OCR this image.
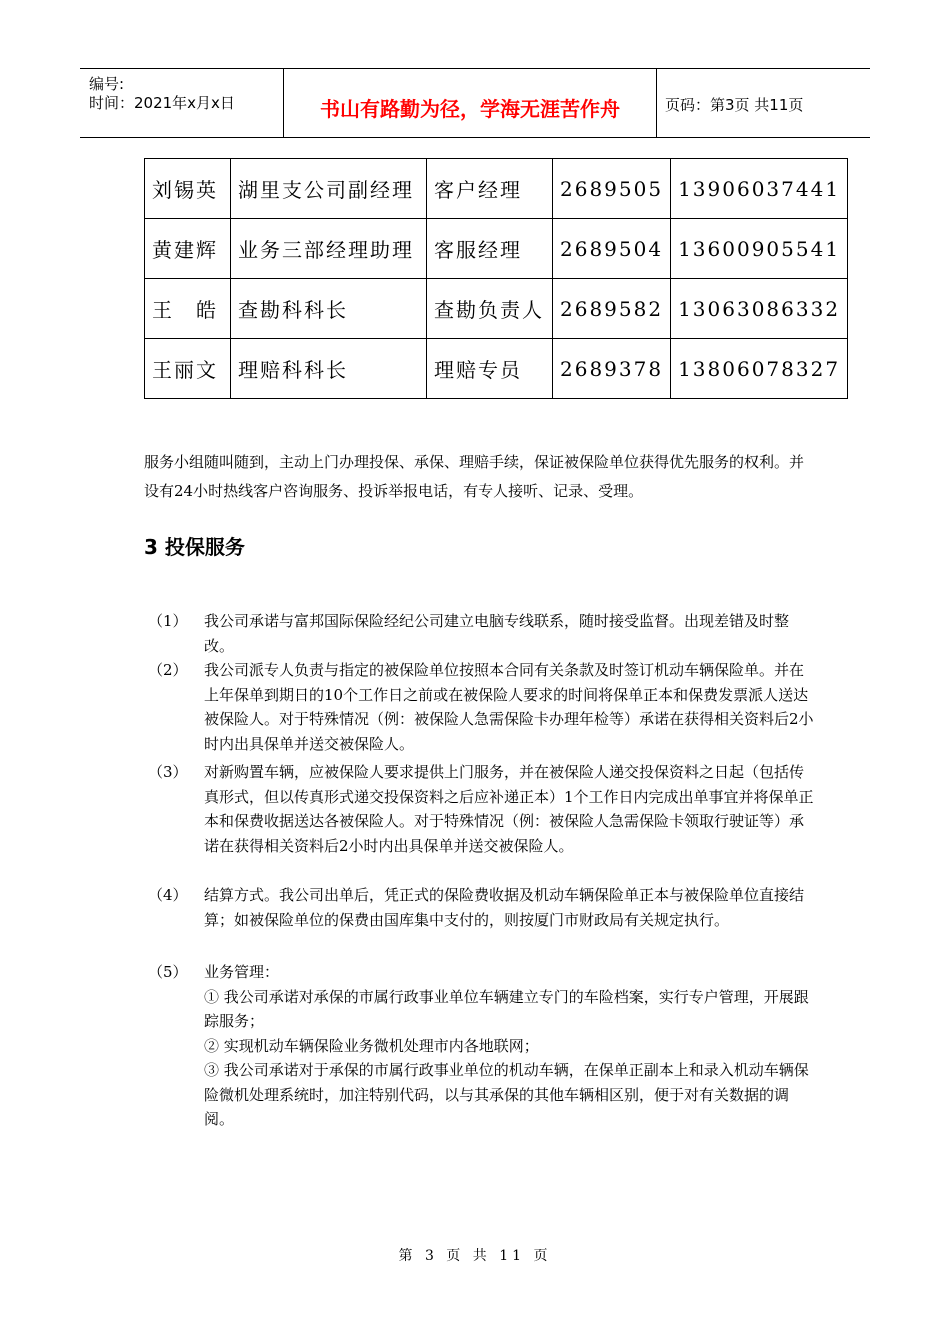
编号:
时间：2021年x月x日	书山有路勤为径，学海无涯苦作舟	页码：第3页 共11页
刘锡英	湖里支公司副经理	客户经理	2689505	13906037441
黄建辉	业务三部经理助理	客服经理	2689504	13600905541
王　皓	查勘科科长	查勘负责人	2689582	13063086332
王丽文	理赔科科长	理赔专员	2689378	13806078327
服务小组随叫随到，主动上门办理投保、承保、理赔手续，保证被保险单位获得优先服务的权利。并设有24小时热线客户咨询服务、投诉举报电话，有专人接听、记录、受理。
3 投保服务
（1） 我公司承诺与富邦国际保险经纪公司建立电脑专线联系，随时接受监督。出现差错及时整改。
（2） 我公司派专人负责与指定的被保险单位按照本合同有关条款及时签订机动车辆保险单。并在上年保单到期日的10个工作日之前或在被保险人要求的时间将保单正本和保费发票派人送达被保险人。对于特殊情况（例：被保险人急需保险卡办理年检等）承诺在获得相关资料后2小时内出具保单并送交被保险人。
（3） 对新购置车辆，应被保险人要求提供上门服务，并在被保险人递交投保资料之日起（包括传真形式，但以传真形式递交投保资料之后应补递正本）1个工作日内完成出单事宜并将保单正本和保费收据送达各被保险人。对于特殊情况（例：被保险人急需保险卡领取行驶证等）承诺在获得相关资料后2小时内出具保单并送交被保险人。
（4） 结算方式。我公司出单后，凭正式的保险费收据及机动车辆保险单正本与被保险单位直接结算；如被保险单位的保费由国库集中支付的，则按厦门市财政局有关规定执行。
（5） 业务管理：
① 我公司承诺对承保的市属行政事业单位车辆建立专门的车险档案，实行专户管理，开展跟踪服务；
② 实现机动车辆保险业务微机处理市内各地联网；
③ 我公司承诺对于承保的市属行政事业单位的机动车辆，在保单正副本上和录入机动车辆保险微机处理系统时，加注特别代码，以与其承保的其他车辆相区别，便于对有关数据的调阅。
第 3 页 共 11 页
